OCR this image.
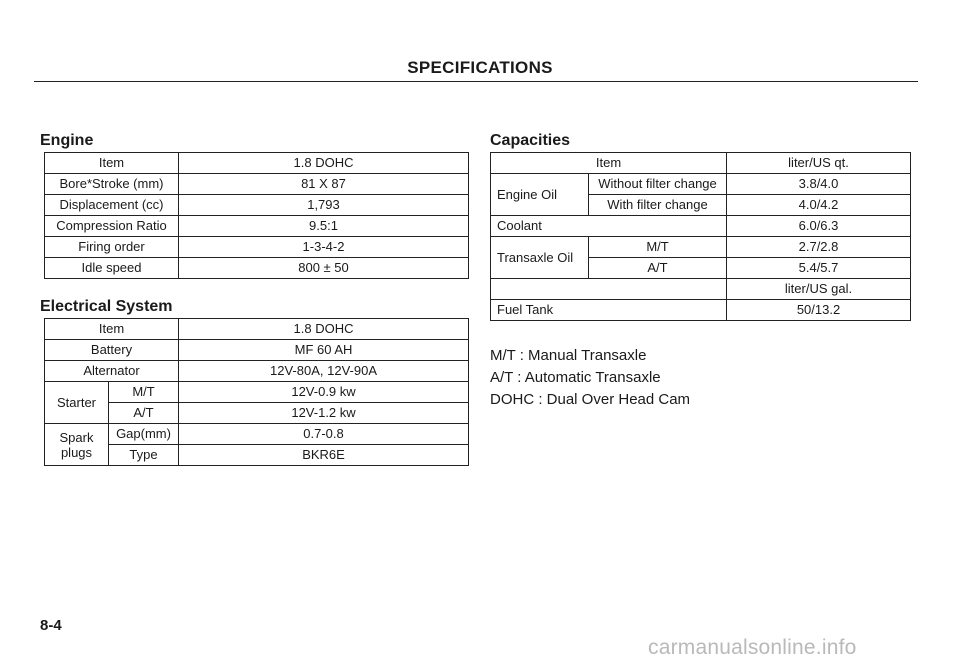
SPECIFICATIONS
Engine
Item	1.8 DOHC
Bore*Stroke (mm)	81 X 87
Displacement (cc)	1,793
Compression Ratio	9.5:1
Firing order	1-3-4-2
Idle speed	800 ± 50
Electrical System
Item		1.8 DOHC
Battery		MF 60 AH
Alternator		12V-80A, 12V-90A
Starter	M/T	12V-0.9 kw
	A/T	12V-1.2 kw
Spark plugs	Gap(mm)	0.7-0.8
	Type	BKR6E
Capacities
Item		liter/US qt.
Engine Oil	Without filter change	3.8/4.0
	With filter change	4.0/4.2
Coolant		6.0/6.3
Transaxle Oil	M/T	2.7/2.8
	A/T	5.4/5.7
		liter/US gal.
Fuel Tank		50/13.2
M/T : Manual Transaxle
A/T : Automatic Transaxle
DOHC : Dual Over Head Cam
8-4
carmanualsonline.info
